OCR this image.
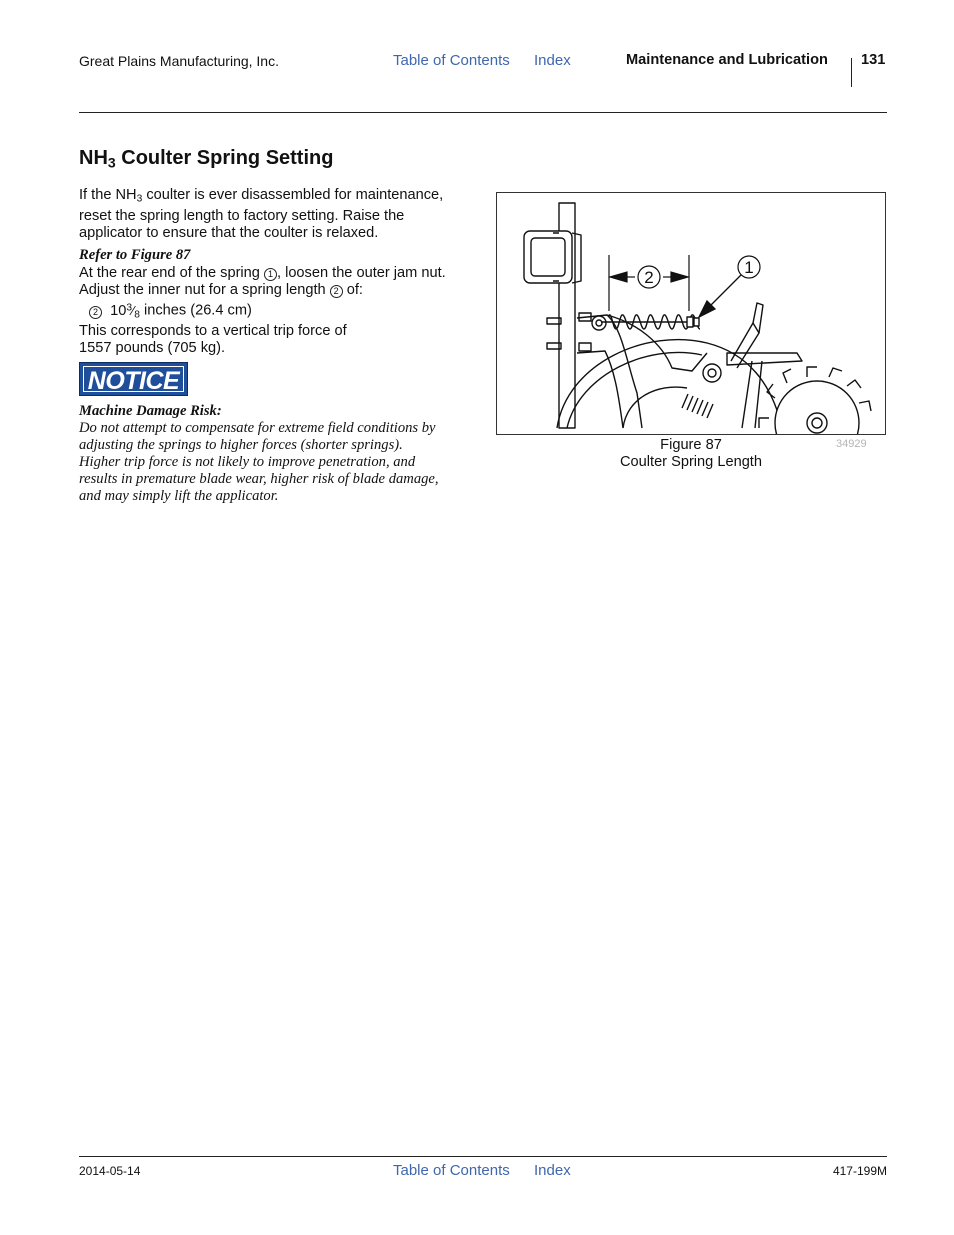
Great Plains Manufacturing, Inc.	Table of Contents Index	Maintenance and Lubrication 131
$NH_3$ Coulter Spring Setting
If the $NH_3$ coulter is ever disassembled for maintenance,
reset the spring length to factory setting. Raise the
applicator to ensure that the coulter is relaxed.
Refer to Figure 87
At the rear end of the spring 1 , loosen the outer jam nut.
Adjust the inner nut for a spring length 2 of:
2 $10^3⁄_8$ inches (26.4 cm)
This corresponds to a vertical trip force of
1557 pounds (705 kg).
NOTICE
Machine Damage Risk:
Do not attempt to compensate for extreme field conditions by
adjusting the springs to higher forces (shorter springs).
Higher trip force is not likely to improve penetration, and
results in premature blade wear, higher risk of blade damage,
and may simply lift the applicator.
2
1
34929
Figure 87
Coulter Spring Length
2014-05-14	Table of Contents Index	417-199M
